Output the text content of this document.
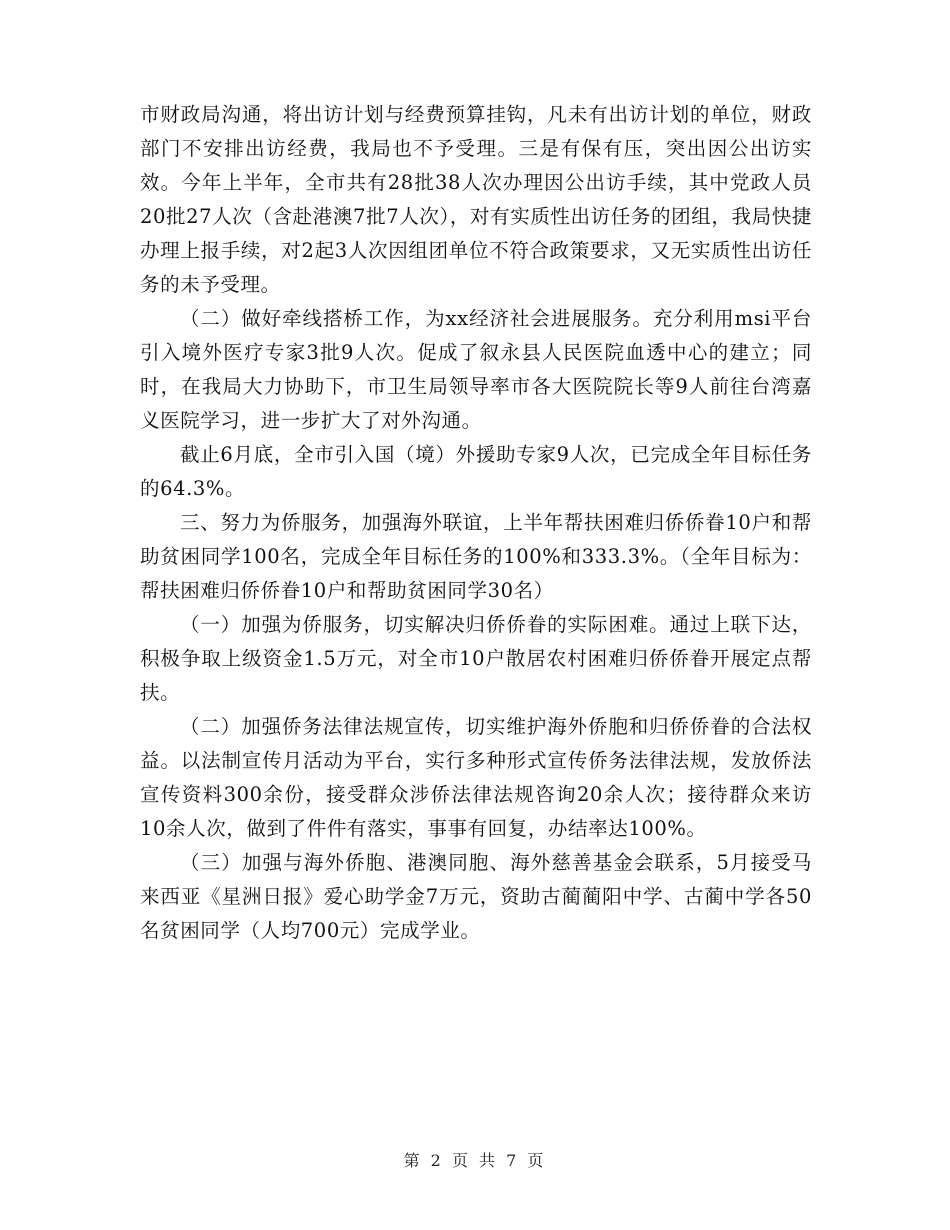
市财政局沟通，将出访计划与经费预算挂钩，凡未有出访计划的单位，财政部门不安排出访经费，我局也不予受理。三是有保有压，突出因公出访实效。今年上半年，全市共有28批38人次办理因公出访手续，其中党政人员20批27人次（含赴港澳7批7人次），对有实质性出访任务的团组，我局快捷办理上报手续，对2起3人次因组团单位不符合政策要求，又无实质性出访任务的未予受理。

（二）做好牵线搭桥工作，为xx经济社会进展服务。充分利用msi平台引入境外医疗专家3批9人次。促成了叙永县人民医院血透中心的建立；同时，在我局大力协助下，市卫生局领导率市各大医院院长等9人前往台湾嘉义医院学习，进一步扩大了对外沟通。

截止6月底，全市引入国（境）外援助专家9人次，已完成全年目标任务的64.3%。

三、努力为侨服务，加强海外联谊，上半年帮扶困难归侨侨眷10户和帮助贫困同学100名，完成全年目标任务的100%和333.3%。（全年目标为：帮扶困难归侨侨眷10户和帮助贫困同学30名）

（一）加强为侨服务，切实解决归侨侨眷的实际困难。通过上联下达，积极争取上级资金1.5万元，对全市10户散居农村困难归侨侨眷开展定点帮扶。

（二）加强侨务法律法规宣传，切实维护海外侨胞和归侨侨眷的合法权益。以法制宣传月活动为平台，实行多种形式宣传侨务法律法规，发放侨法宣传资料300余份，接受群众涉侨法律法规咨询20余人次；接待群众来访10余人次，做到了件件有落实，事事有回复，办结率达100%。

（三）加强与海外侨胞、港澳同胞、海外慈善基金会联系，5月接受马来西亚《星洲日报》爱心助学金7万元，资助古蔺蔺阳中学、古蔺中学各50名贫困同学（人均700元）完成学业。

第 2 页 共 7 页
